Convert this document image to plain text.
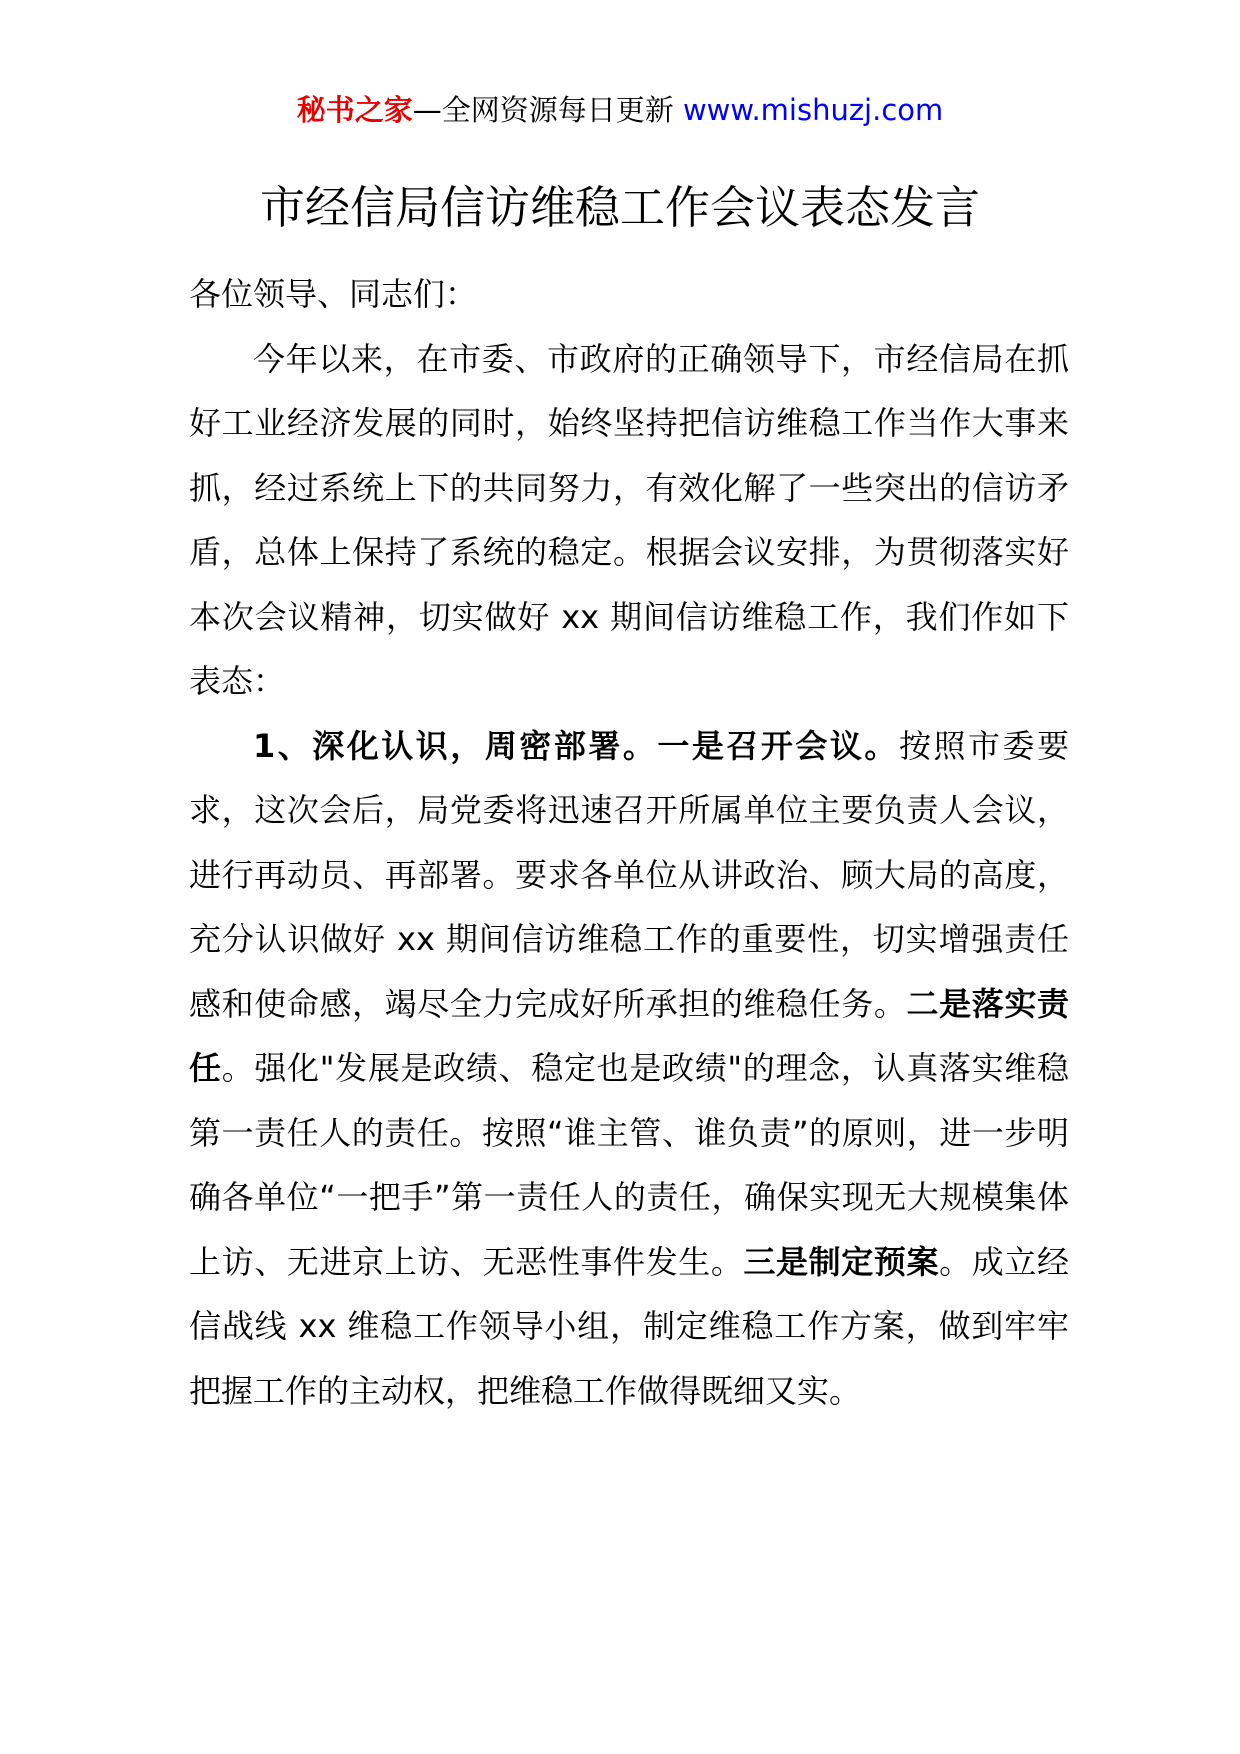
秘书之家—全网资源每日更新 www.mishuzj.com
市经信局信访维稳工作会议表态发言

各位领导、同志们：

今年以来，在市委、市政府的正确领导下，市经信局在抓好工业经济发展的同时，始终坚持把信访维稳工作当作大事来抓，经过系统上下的共同努力，有效化解了一些突出的信访矛盾，总体上保持了系统的稳定。根据会议安排，为贯彻落实好本次会议精神，切实做好 xx 期间信访维稳工作，我们作如下表态：

1、深化认识，周密部署。一是召开会议。按照市委要求，这次会后，局党委将迅速召开所属单位主要负责人会议，进行再动员、再部署。要求各单位从讲政治、顾大局的高度，充分认识做好 xx 期间信访维稳工作的重要性，切实增强责任感和使命感，竭尽全力完成好所承担的维稳任务。二是落实责任。强化"发展是政绩、稳定也是政绩"的理念，认真落实维稳第一责任人的责任。按照“谁主管、谁负责”的原则，进一步明确各单位“一把手”第一责任人的责任，确保实现无大规模集体上访、无进京上访、无恶性事件发生。三是制定预案。成立经信战线 xx 维稳工作领导小组，制定维稳工作方案，做到牢牢把握工作的主动权，把维稳工作做得既细又实。
